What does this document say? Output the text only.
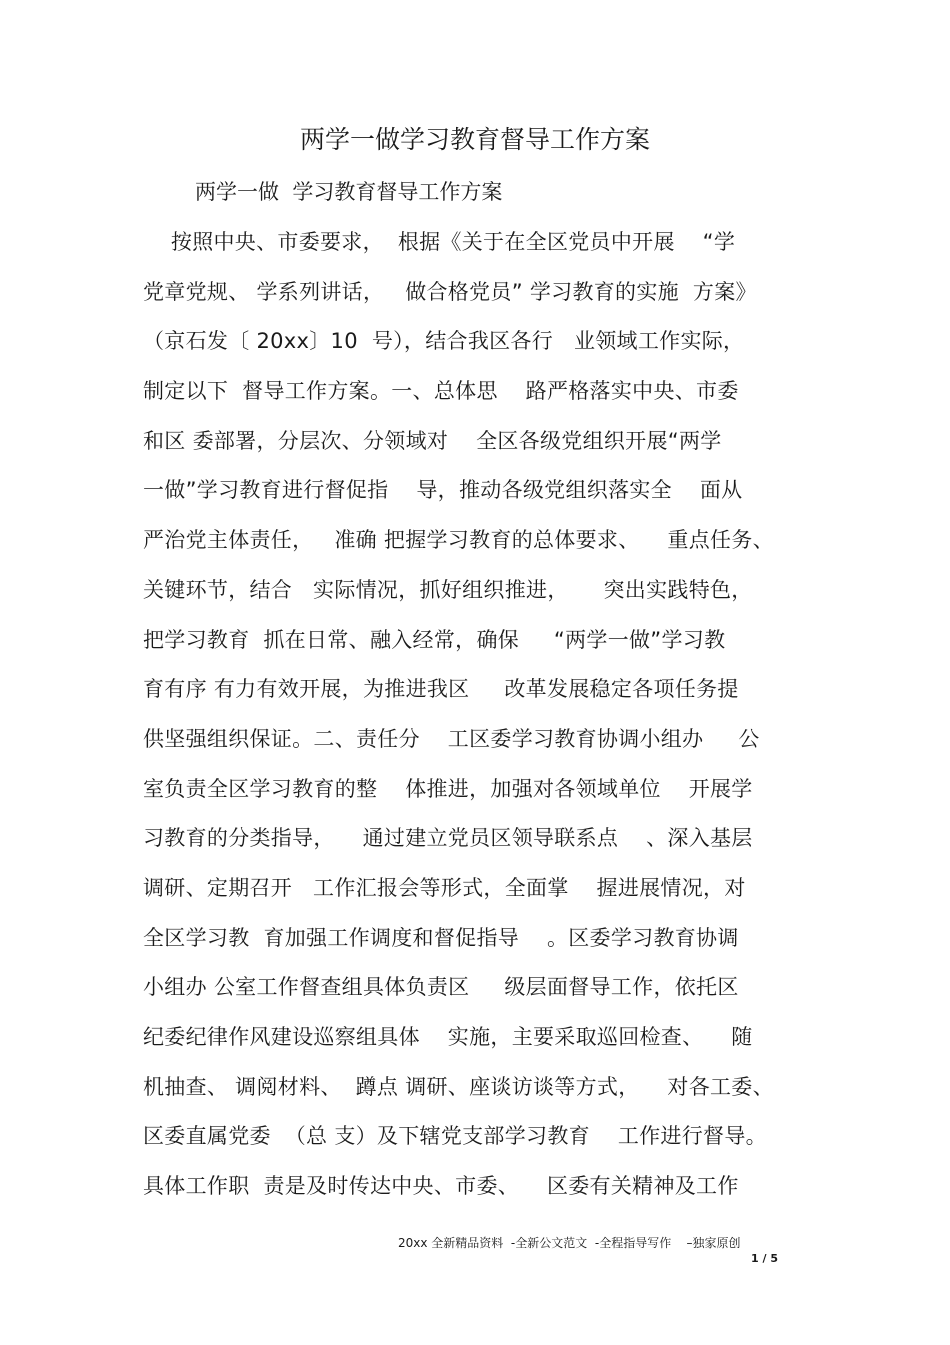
两学一做学习教育督导工作方案
两学一做  学习教育督导工作方案
按照中央、市委要求，  根据《关于在全区党员中开展    “学
党章党规、 学系列讲话，   做合格党员” 学习教育的实施  方案》
（京石发〔 20xx〕10  号），结合我区各行   业领域工作实际，
制定以下  督导工作方案。一、总体思    路严格落实中央、市委
和区 委部署，分层次、分领域对    全区各级党组织开展“两学
一做”学习教育进行督促指    导，推动各级党组织落实全    面从
严治党主体责任，   准确 把握学习教育的总体要求、    重点任务、
关键环节，结合   实际情况，抓好组织推进，     突出实践特色，
把学习教育  抓在日常、融入经常，确保     “两学一做”学习教
育有序 有力有效开展，为推进我区     改革发展稳定各项任务提
供坚强组织保证。二、责任分    工区委学习教育协调小组办     公
室负责全区学习教育的整    体推进，加强对各领域单位    开展学
习教育的分类指导，    通过建立党员区领导联系点    、深入基层
调研、定期召开   工作汇报会等形式，全面掌    握进展情况，对
全区学习教  育加强工作调度和督促指导    。区委学习教育协调
小组办 公室工作督查组具体负责区     级层面督导工作，依托区
纪委纪律作风建设巡察组具体    实施，主要采取巡回检查、    随
机抽查、 调阅材料、  蹲点 调研、座谈访谈等方式，    对各工委、
区委直属党委  （总 支）及下辖党支部学习教育    工作进行督导。
具体工作职  责是及时传达中央、市委、    区委有关精神及工作
20xx 全新精品资料  -全新公文范文  -全程指导写作    –独家原创
1 / 5
